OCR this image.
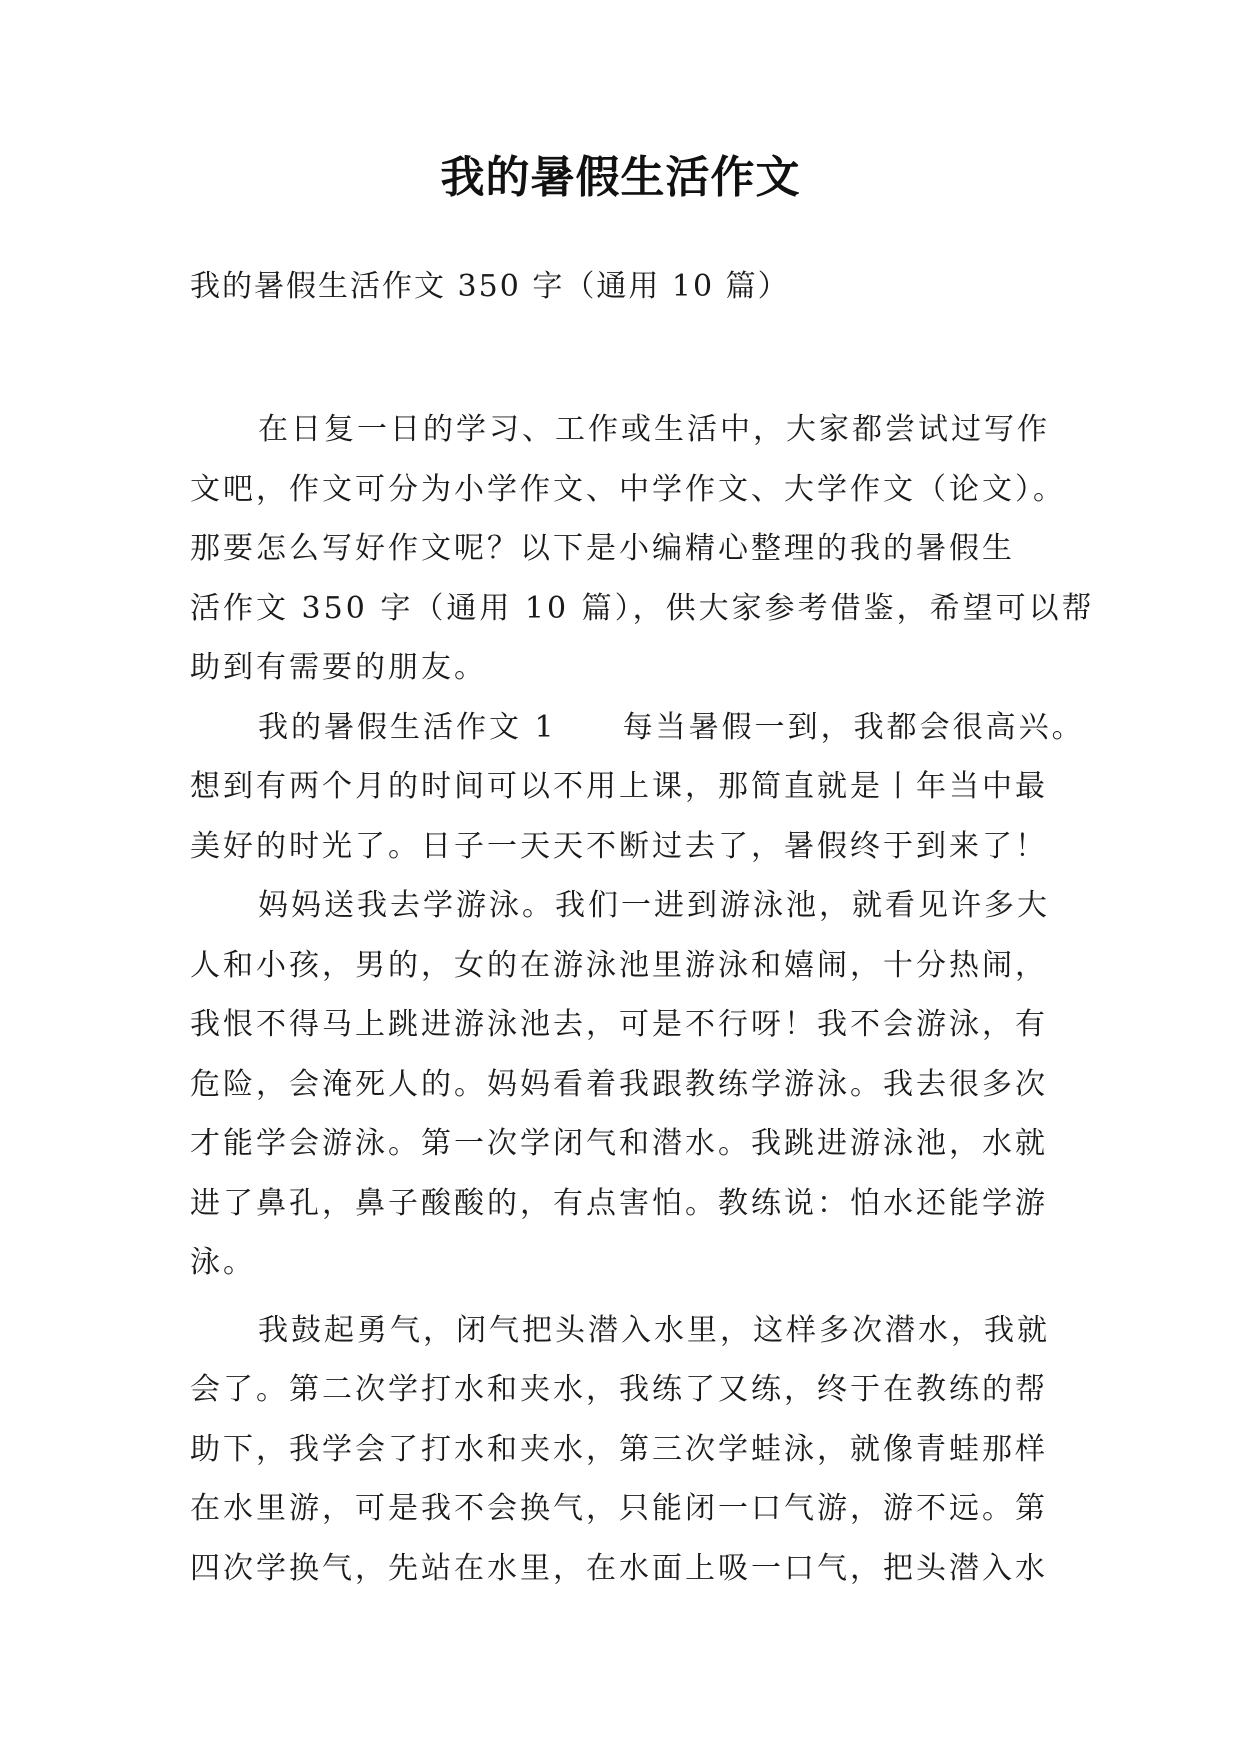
我的暑假生活作文
我的暑假生活作文 350 字（通用 10 篇）
在日复一日的学习、工作或生活中，大家都尝试过写作
文吧，作文可分为小学作文、中学作文、大学作文（论文）。
那要怎么写好作文呢？以下是小编精心整理的我的暑假生
活作文 350 字（通用 10 篇），供大家参考借鉴，希望可以帮
助到有需要的朋友。
我的暑假生活作文 1　　每当暑假一到，我都会很高兴。
想到有两个月的时间可以不用上课，那简直就是丨年当中最
美好的时光了。日子一天天不断过去了，暑假终于到来了！
妈妈送我去学游泳。我们一进到游泳池，就看见许多大
人和小孩，男的，女的在游泳池里游泳和嬉闹，十分热闹，
我恨不得马上跳进游泳池去，可是不行呀！我不会游泳，有
危险，会淹死人的。妈妈看着我跟教练学游泳。我去很多次
才能学会游泳。第一次学闭气和潜水。我跳进游泳池，水就
进了鼻孔，鼻子酸酸的，有点害怕。教练说：怕水还能学游
泳。
我鼓起勇气，闭气把头潜入水里，这样多次潜水，我就
会了。第二次学打水和夹水，我练了又练，终于在教练的帮
助下，我学会了打水和夹水，第三次学蛙泳，就像青蛙那样
在水里游，可是我不会换气，只能闭一口气游，游不远。第
四次学换气，先站在水里，在水面上吸一口气，把头潜入水
